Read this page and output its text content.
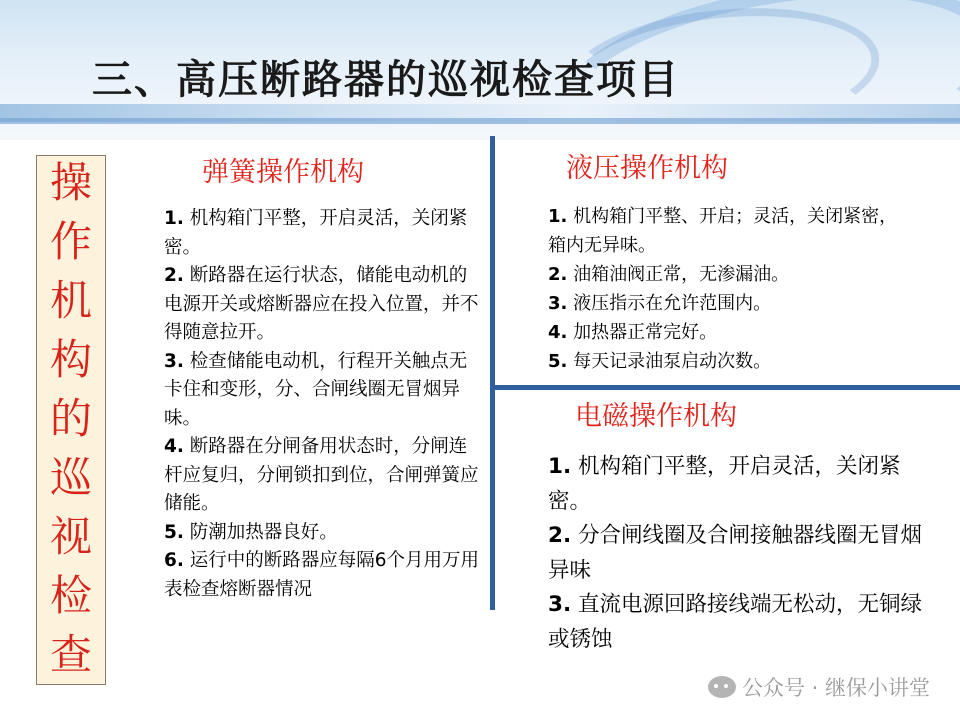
三、高压断路器的巡视检查项目
操
作
机
构
的
巡
视
检
查
弹簧操作机构
1. 机构箱门平整，开启灵活，关闭紧密。
2. 断路器在运行状态，储能电动机的电源开关或熔断器应在投入位置，并不得随意拉开。
3. 检查储能电动机，行程开关触点无卡住和变形，分、合闸线圈无冒烟异味。
4. 断路器在分闸备用状态时，分闸连杆应复归，分闸锁扣到位，合闸弹簧应储能。
5. 防潮加热器良好。
6. 运行中的断路器应每隔6个月用万用表检查熔断器情况
液压操作机构
1. 机构箱门平整、开启；灵活，关闭紧密，箱内无异味。
2. 油箱油阀正常，无渗漏油。
3. 液压指示在允许范围内。
4. 加热器正常完好。
5. 每天记录油泵启动次数。
电磁操作机构
1. 机构箱门平整，开启灵活，关闭紧密。
2. 分合闸线圈及合闸接触器线圈无冒烟异味
3. 直流电源回路接线端无松动，无铜绿或锈蚀
公众号 · 继保小讲堂
